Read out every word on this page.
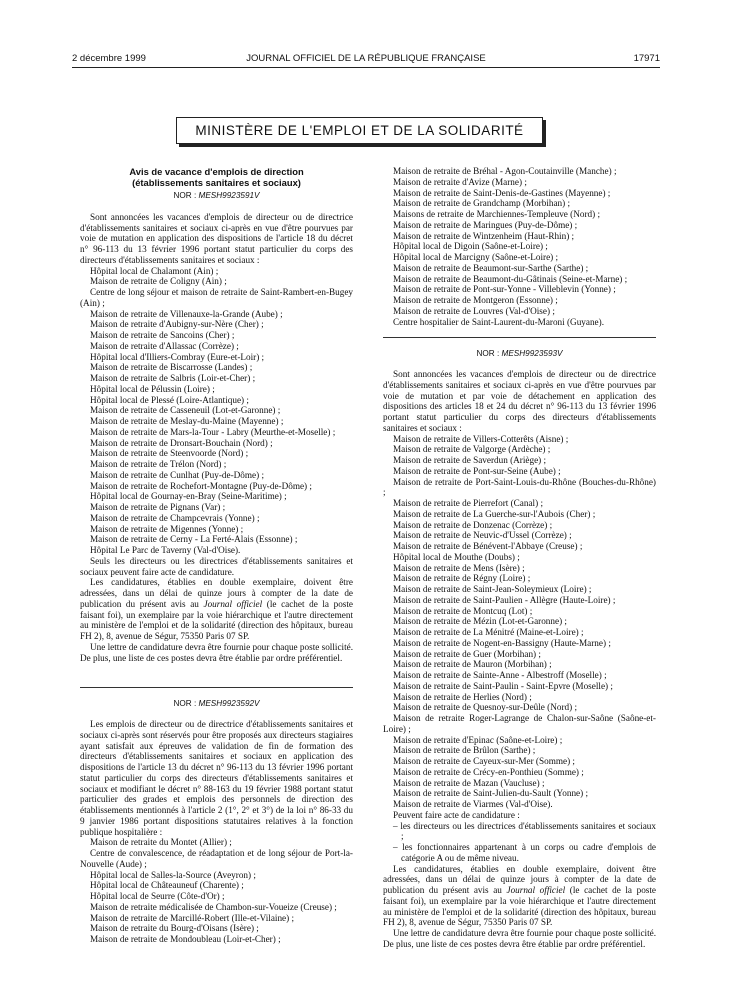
2 décembre 1999	JOURNAL OFFICIEL DE LA RÉPUBLIQUE FRANÇAISE	17971
MINISTÈRE DE L'EMPLOI ET DE LA SOLIDARITÉ

Avis de vacance d'emplois de direction

(établissements sanitaires et sociaux)

NOR : MESH9923591V

Sont annoncées les vacances d'emplois de directeur ou de directrice d'établissements sanitaires et sociaux ci-après en vue d'être pourvues par voie de mutation en application des dispositions de l'article 18 du décret n° 96-113 du 13 février 1996 portant statut particulier du corps des directeurs d'établissements sanitaires et sociaux :

Hôpital local de Chalamont (Ain) ;

Maison de retraite de Coligny (Ain) ;

Centre de long séjour et maison de retraite de Saint-Rambert-en-Bugey (Ain) ;

Maison de retraite de Villenauxe-la-Grande (Aube) ;

Maison de retraite d'Aubigny-sur-Nère (Cher) ;

Maison de retraite de Sancoins (Cher) ;

Maison de retraite d'Allassac (Corrèze) ;

Hôpital local d'Illiers-Combray (Eure-et-Loir) ;

Maison de retraite de Biscarrosse (Landes) ;

Maison de retraite de Salbris (Loir-et-Cher) ;

Hôpital local de Pélussin (Loire) ;

Hôpital local de Plessé (Loire-Atlantique) ;

Maison de retraite de Casseneuil (Lot-et-Garonne) ;

Maison de retraite de Meslay-du-Maine (Mayenne) ;

Maison de retraite de Mars-la-Tour - Labry (Meurthe-et-Moselle) ;

Maison de retraite de Dronsart-Bouchain (Nord) ;

Maison de retraite de Steenvoorde (Nord) ;

Maison de retraite de Trélon (Nord) ;

Maison de retraite de Cunlhat (Puy-de-Dôme) ;

Maison de retraite de Rochefort-Montagne (Puy-de-Dôme) ;

Hôpital local de Gournay-en-Bray (Seine-Maritime) ;

Maison de retraite de Pignans (Var) ;

Maison de retraite de Champcevrais (Yonne) ;

Maison de retraite de Migennes (Yonne) ;

Maison de retraite de Cerny - La Ferté-Alais (Essonne) ;

Hôpital Le Parc de Taverny (Val-d'Oise).

Seuls les directeurs ou les directrices d'établissements sanitaires et sociaux peuvent faire acte de candidature.

Les candidatures, établies en double exemplaire, doivent être adressées, dans un délai de quinze jours à compter de la date de publication du présent avis au Journal officiel (le cachet de la poste faisant foi), un exemplaire par la voie hiérarchique et l'autre directement au ministère de l'emploi et de la solidarité (direction des hôpitaux, bureau FH 2), 8, avenue de Ségur, 75350 Paris 07 SP.

Une lettre de candidature devra être fournie pour chaque poste sollicité. De plus, une liste de ces postes devra être établie par ordre préférentiel.

NOR : MESH9923592V

Les emplois de directeur ou de directrice d'établissements sanitaires et sociaux ci-après sont réservés pour être proposés aux directeurs stagiaires ayant satisfait aux épreuves de validation de fin de formation des directeurs d'établissements sanitaires et sociaux en application des dispositions de l'article 13 du décret n° 96-113 du 13 février 1996 portant statut particulier du corps des directeurs d'établissements sanitaires et sociaux et modifiant le décret n° 88-163 du 19 février 1988 portant statut particulier des grades et emplois des personnels de direction des établissements mentionnés à l'article 2 (1°, 2° et 3°) de la loi n° 86-33 du 9 janvier 1986 portant dispositions statutaires relatives à la fonction publique hospitalière :

Maison de retraite du Montet (Allier) ;

Centre de convalescence, de réadaptation et de long séjour de Port-la-Nouvelle (Aude) ;

Hôpital local de Salles-la-Source (Aveyron) ;

Hôpital local de Châteauneuf (Charente) ;

Hôpital local de Seurre (Côte-d'Or) ;

Maison de retraite médicalisée de Chambon-sur-Voueize (Creuse) ;

Maison de retraite de Marcillé-Robert (Ille-et-Vilaine) ;

Maison de retraite du Bourg-d'Oisans (Isère) ;

Maison de retraite de Mondoubleau (Loir-et-Cher) ;

Maison de retraite de Bréhal - Agon-Coutainville (Manche) ;

Maison de retraite d'Avize (Marne) ;

Maison de retraite de Saint-Denis-de-Gastines (Mayenne) ;

Maison de retraite de Grandchamp (Morbihan) ;

Maisons de retraite de Marchiennes-Templeuve (Nord) ;

Maison de retraite de Maringues (Puy-de-Dôme) ;

Maison de retraite de Wintzenheim (Haut-Rhin) ;

Hôpital local de Digoin (Saône-et-Loire) ;

Hôpital local de Marcigny (Saône-et-Loire) ;

Maison de retraite de Beaumont-sur-Sarthe (Sarthe) ;

Maison de retraite de Beaumont-du-Gâtinais (Seine-et-Marne) ;

Maison de retraite de Pont-sur-Yonne - Villeblevin (Yonne) ;

Maison de retraite de Montgeron (Essonne) ;

Maison de retraite de Louvres (Val-d'Oise) ;

Centre hospitalier de Saint-Laurent-du-Maroni (Guyane).

NOR : MESH9923593V

Sont annoncées les vacances d'emplois de directeur ou de directrice d'établissements sanitaires et sociaux ci-après en vue d'être pourvues par voie de mutation et par voie de détachement en application des dispositions des articles 18 et 24 du décret n° 96-113 du 13 février 1996 portant statut particulier du corps des directeurs d'établissements sanitaires et sociaux :

Maison de retraite de Villers-Cotterêts (Aisne) ;

Maison de retraite de Valgorge (Ardèche) ;

Maison de retraite de Saverdun (Ariège) ;

Maison de retraite de Pont-sur-Seine (Aube) ;

Maison de retraite de Port-Saint-Louis-du-Rhône (Bouches-du-Rhône) ;

Maison de retraite de Pierrefort (Canal) ;

Maison de retraite de La Guerche-sur-l'Aubois (Cher) ;

Maison de retraite de Donzenac (Corrèze) ;

Maison de retraite de Neuvic-d'Ussel (Corrèze) ;

Maison de retraite de Bénévent-l'Abbaye (Creuse) ;

Hôpital local de Mouthe (Doubs) ;

Maison de retraite de Mens (Isère) ;

Maison de retraite de Régny (Loire) ;

Maison de retraite de Saint-Jean-Soleymieux (Loire) ;

Maison de retraite de Saint-Paulien - Allègre (Haute-Loire) ;

Maison de retraite de Montcuq (Lot) ;

Maison de retraite de Mézin (Lot-et-Garonne) ;

Maison de retraite de La Ménitré (Maine-et-Loire) ;

Maison de retraite de Nogent-en-Bassigny (Haute-Marne) ;

Maison de retraite de Guer (Morbihan) ;

Maison de retraite de Mauron (Morbihan) ;

Maison de retraite de Sainte-Anne - Albestroff (Moselle) ;

Maison de retraite de Saint-Paulin - Saint-Epvre (Moselle) ;

Maison de retraite de Herlies (Nord) ;

Maison de retraite de Quesnoy-sur-Deûle (Nord) ;

Maison de retraite Roger-Lagrange de Chalon-sur-Saône (Saône-et-Loire) ;

Maison de retraite d'Epinac (Saône-et-Loire) ;

Maison de retraite de Brûlon (Sarthe) ;

Maison de retraite de Cayeux-sur-Mer (Somme) ;

Maison de retraite de Crécy-en-Ponthieu (Somme) ;

Maison de retraite de Mazan (Vaucluse) ;

Maison de retraite de Saint-Julien-du-Sault (Yonne) ;

Maison de retraite de Viarmes (Val-d'Oise).

Peuvent faire acte de candidature :

– les directeurs ou les directrices d'établissements sanitaires et sociaux ;

– les fonctionnaires appartenant à un corps ou cadre d'emplois de catégorie A ou de même niveau.

Les candidatures, établies en double exemplaire, doivent être adressées, dans un délai de quinze jours à compter de la date de publication du présent avis au Journal officiel (le cachet de la poste faisant foi), un exemplaire par la voie hiérarchique et l'autre directement au ministère de l'emploi et de la solidarité (direction des hôpitaux, bureau FH 2), 8, avenue de Ségur, 75350 Paris 07 SP.

Une lettre de candidature devra être fournie pour chaque poste sollicité. De plus, une liste de ces postes devra être établie par ordre préférentiel.
